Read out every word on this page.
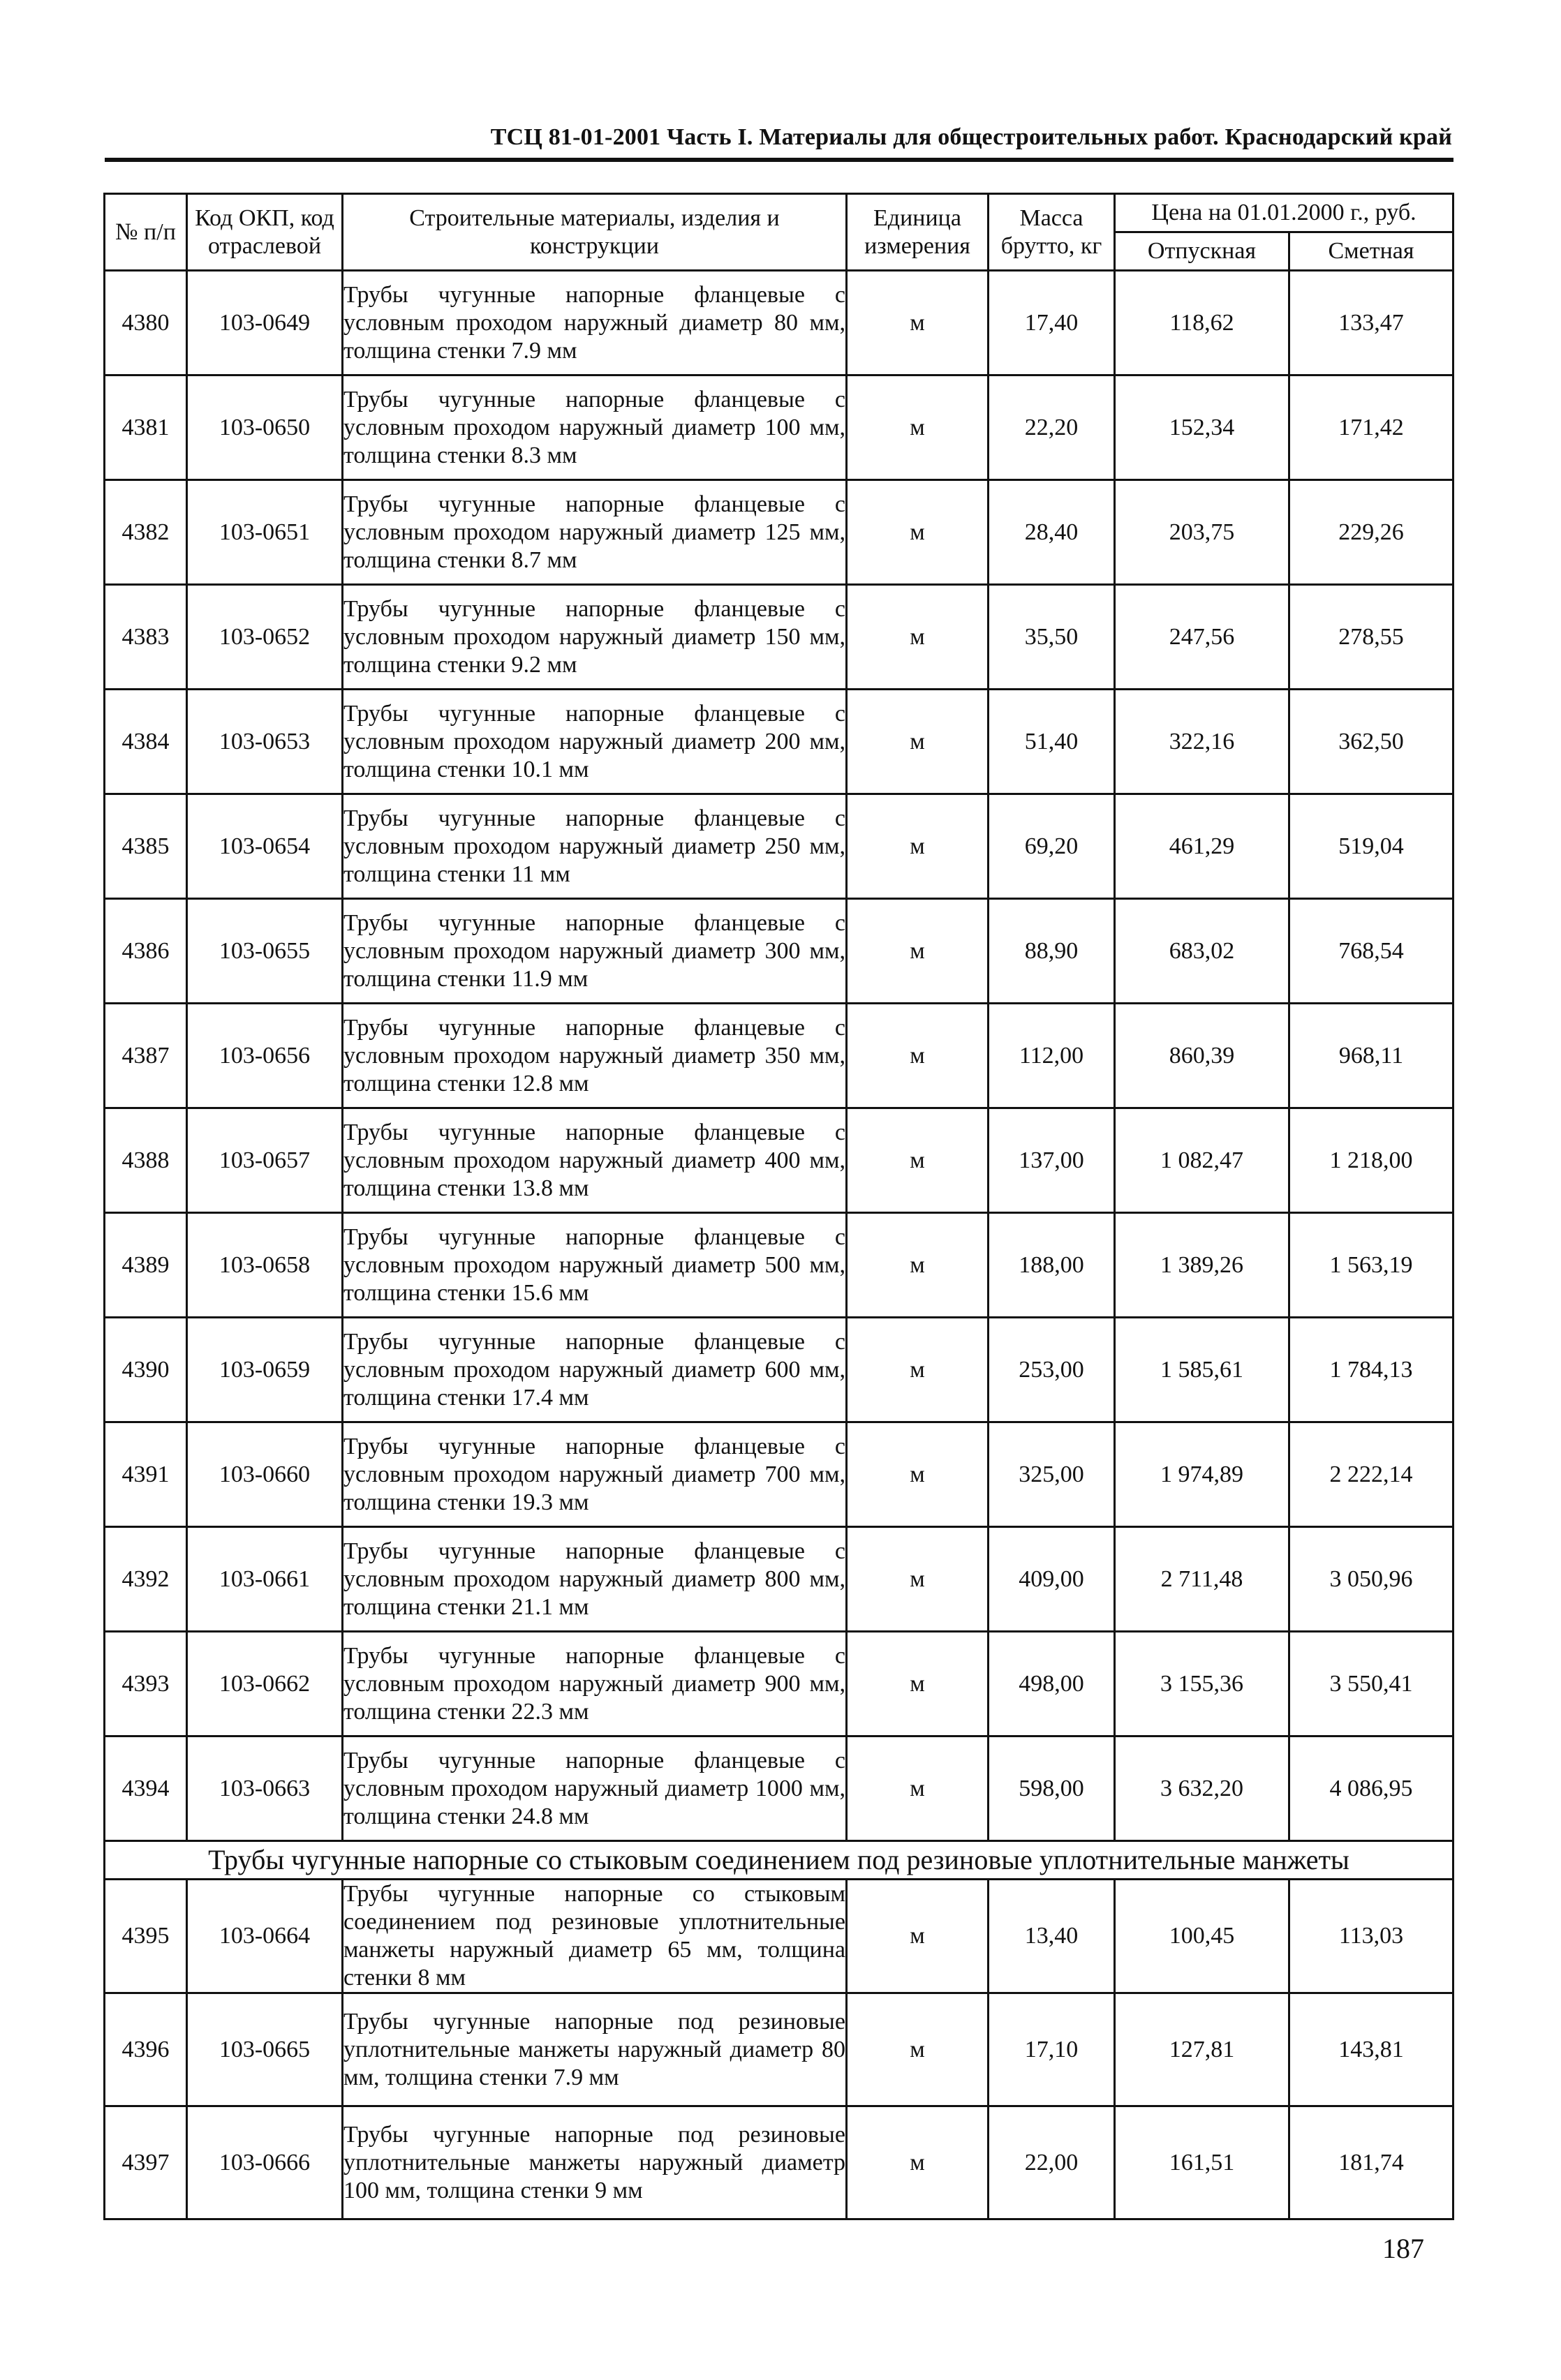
ТСЦ 81-01-2001 Часть I. Материалы для общестроительных работ. Краснодарский край
№ п/п	Код ОКП, код отраслевой	Строительные материалы, изделия и конструкции	Единица измерения	Масса брутто, кг	Цена на 01.01.2000 г., руб.	
					Отпускная	Сметная
4380	103-0649	Трубы чугунные напорные фланцевые с условным проходом наружный диаметр 80 мм, толщина стенки 7.9 мм	м	17,40	118,62	133,47
4381	103-0650	Трубы чугунные напорные фланцевые с условным проходом наружный диаметр 100 мм, толщина стенки 8.3 мм	м	22,20	152,34	171,42
4382	103-0651	Трубы чугунные напорные фланцевые с условным проходом наружный диаметр 125 мм, толщина стенки 8.7 мм	м	28,40	203,75	229,26
4383	103-0652	Трубы чугунные напорные фланцевые с условным проходом наружный диаметр 150 мм, толщина стенки 9.2 мм	м	35,50	247,56	278,55
4384	103-0653	Трубы чугунные напорные фланцевые с условным проходом наружный диаметр 200 мм, толщина стенки 10.1 мм	м	51,40	322,16	362,50
4385	103-0654	Трубы чугунные напорные фланцевые с условным проходом наружный диаметр 250 мм, толщина стенки 11 мм	м	69,20	461,29	519,04
4386	103-0655	Трубы чугунные напорные фланцевые с условным проходом наружный диаметр 300 мм, толщина стенки 11.9 мм	м	88,90	683,02	768,54
4387	103-0656	Трубы чугунные напорные фланцевые с условным проходом наружный диаметр 350 мм, толщина стенки 12.8 мм	м	112,00	860,39	968,11
4388	103-0657	Трубы чугунные напорные фланцевые с условным проходом наружный диаметр 400 мм, толщина стенки 13.8 мм	м	137,00	1 082,47	1 218,00
4389	103-0658	Трубы чугунные напорные фланцевые с условным проходом наружный диаметр 500 мм, толщина стенки 15.6 мм	м	188,00	1 389,26	1 563,19
4390	103-0659	Трубы чугунные напорные фланцевые с условным проходом наружный диаметр 600 мм, толщина стенки 17.4 мм	м	253,00	1 585,61	1 784,13
4391	103-0660	Трубы чугунные напорные фланцевые с условным проходом наружный диаметр 700 мм, толщина стенки 19.3 мм	м	325,00	1 974,89	2 222,14
4392	103-0661	Трубы чугунные напорные фланцевые с условным проходом наружный диаметр 800 мм, толщина стенки 21.1 мм	м	409,00	2 711,48	3 050,96
4393	103-0662	Трубы чугунные напорные фланцевые с условным проходом наружный диаметр 900 мм, толщина стенки 22.3 мм	м	498,00	3 155,36	3 550,41
4394	103-0663	Трубы чугунные напорные фланцевые с условным проходом наружный диаметр 1000 мм, толщина стенки 24.8 мм	м	598,00	3 632,20	4 086,95
Трубы чугунные напорные со стыковым соединением под резиновые уплотнительные манжеты						
4395	103-0664	Трубы чугунные напорные со стыковым соединением под резиновые уплотнительные манжеты наружный диаметр 65 мм, толщина стенки 8 мм	м	13,40	100,45	113,03
4396	103-0665	Трубы чугунные напорные под резиновые уплотнительные манжеты наружный диаметр 80 мм, толщина стенки 7.9 мм	м	17,10	127,81	143,81
4397	103-0666	Трубы чугунные напорные под резиновые уплотнительные манжеты наружный диаметр 100 мм, толщина стенки 9 мм	м	22,00	161,51	181,74
187
